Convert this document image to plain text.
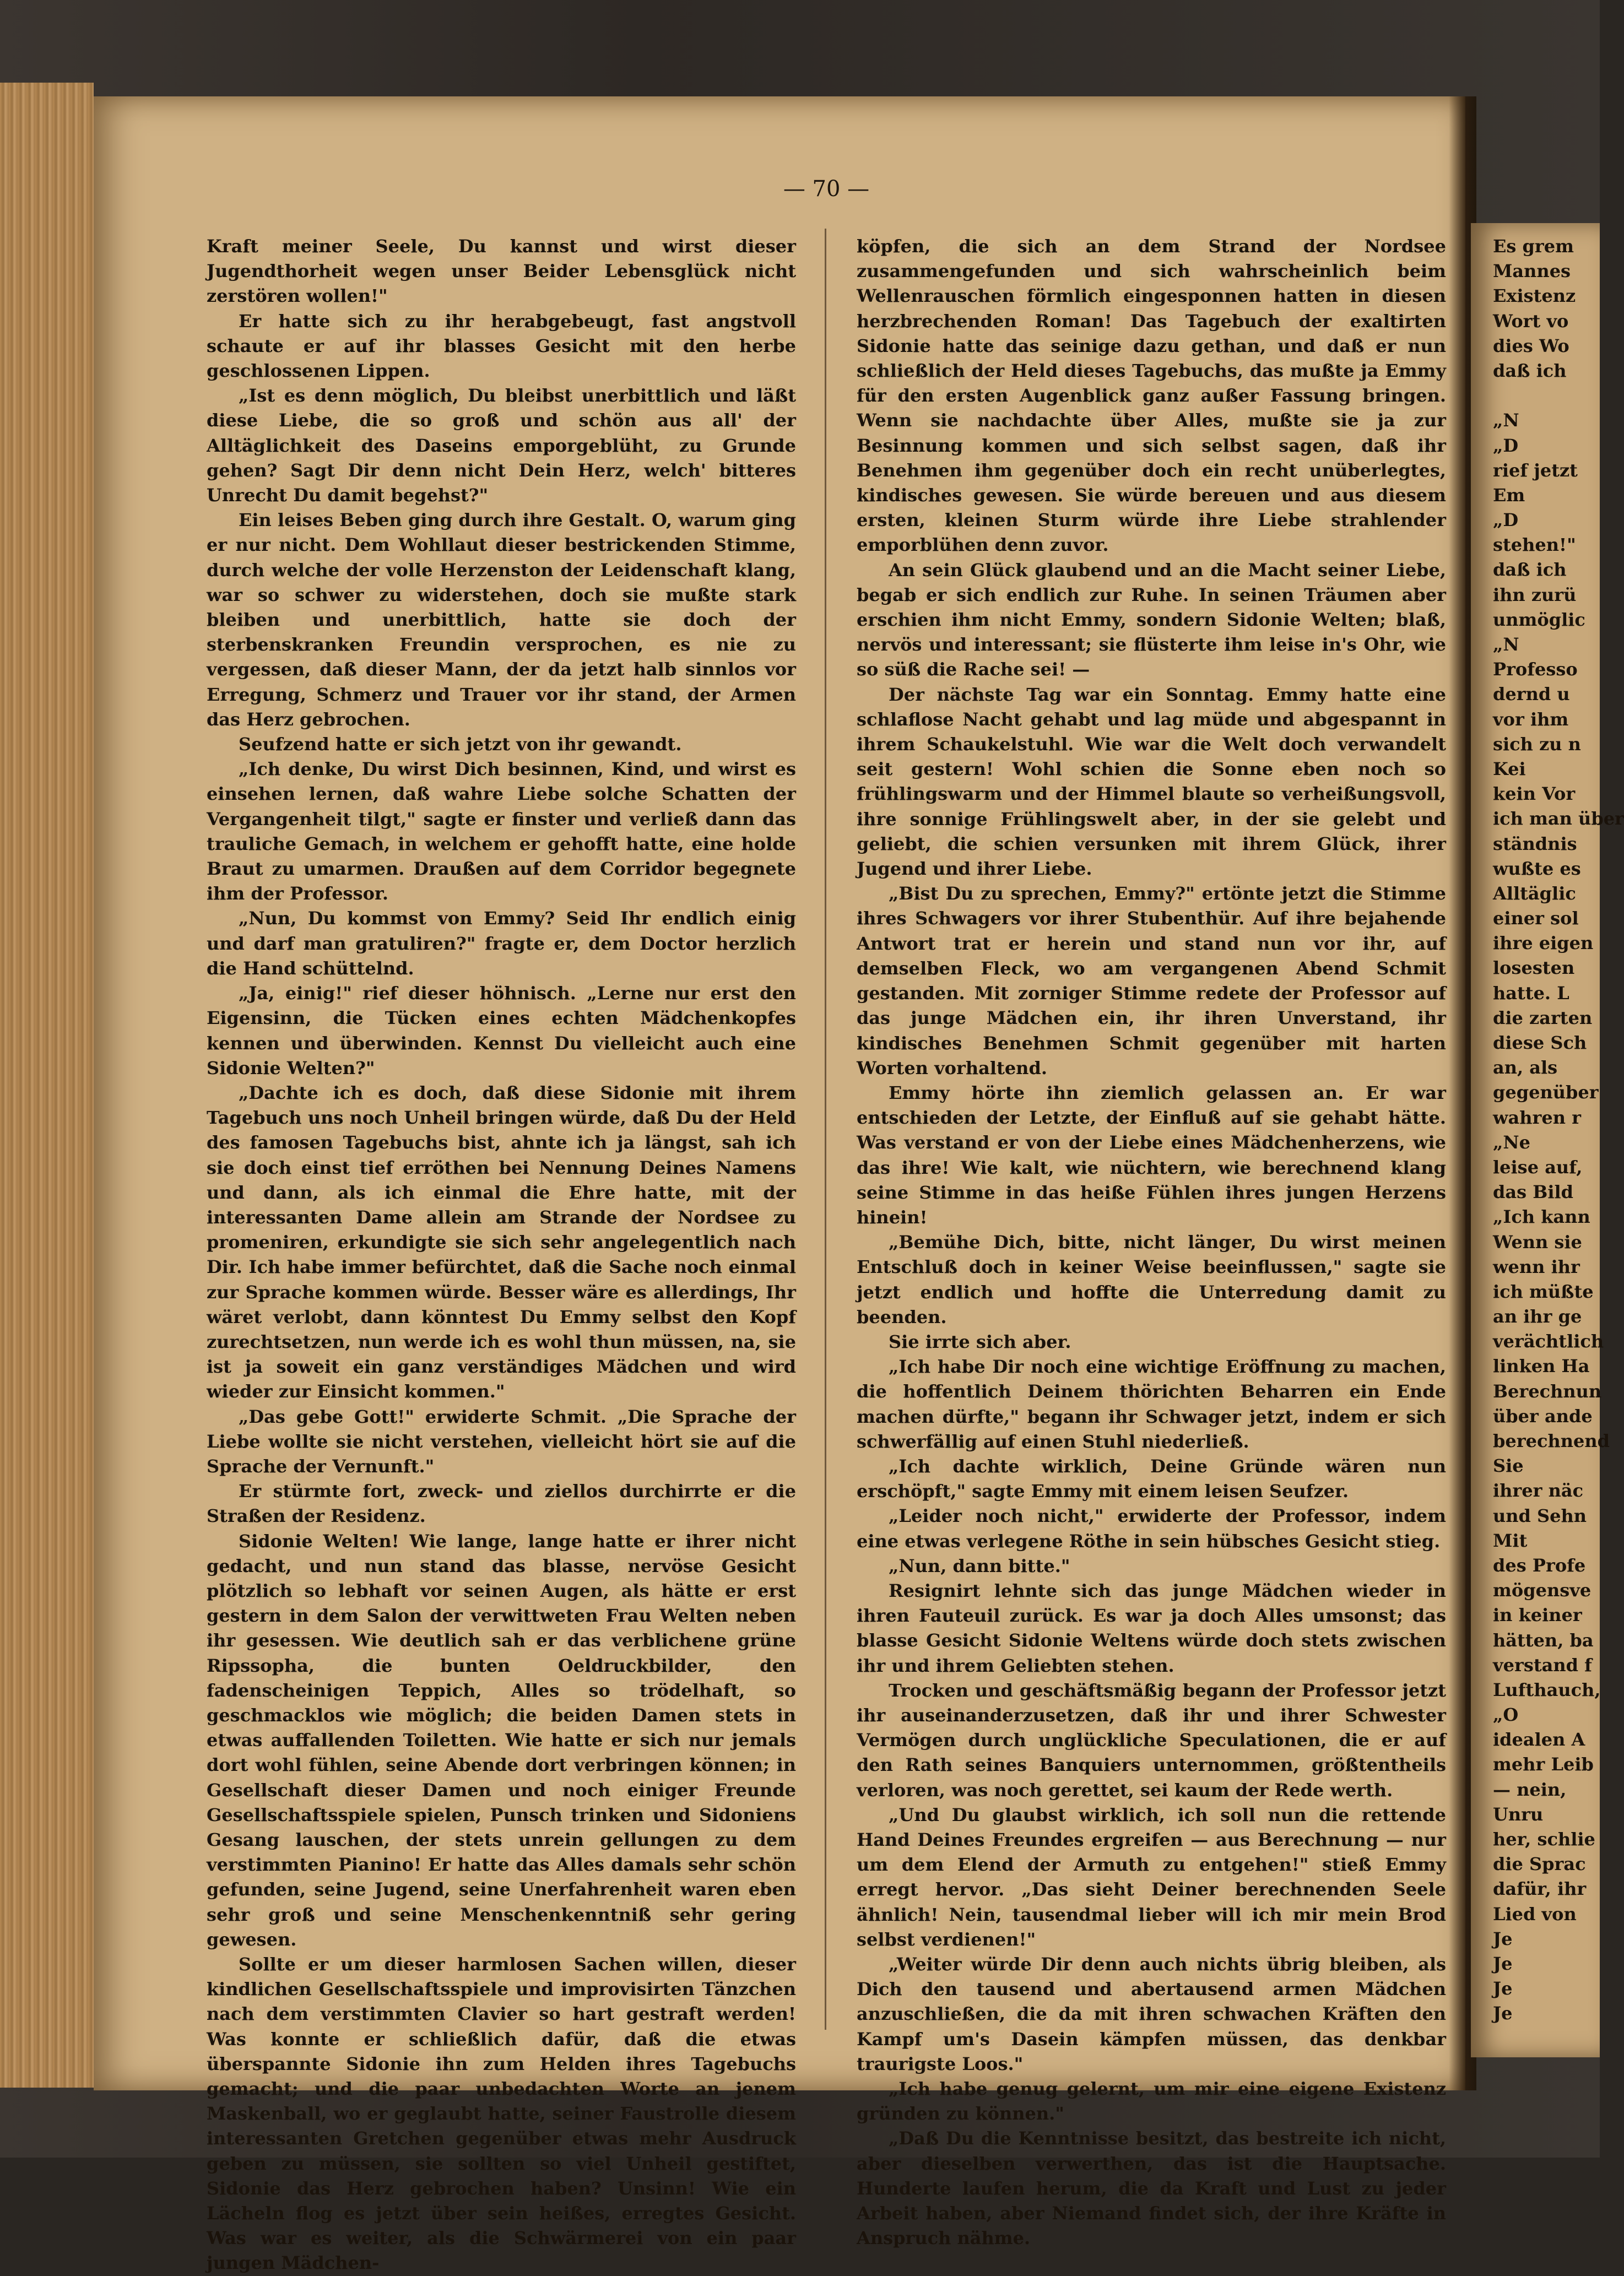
— 70 —

Kraft meiner Seele, Du kannst und wirst dieser Jugendthorheit wegen unser Beider Lebensglück nicht zerstören wollen!"

Er hatte sich zu ihr herabgebeugt, fast angstvoll schaute er auf ihr blasses Gesicht mit den herbe geschlossenen Lippen.

„Ist es denn möglich, Du bleibst unerbittlich und läßt diese Liebe, die so groß und schön aus all' der Alltäglichkeit des Daseins emporgeblüht, zu Grunde gehen? Sagt Dir denn nicht Dein Herz, welch' bitteres Unrecht Du damit begehst?"

Ein leises Beben ging durch ihre Gestalt. O, warum ging er nur nicht. Dem Wohllaut dieser bestrickenden Stimme, durch welche der volle Herzenston der Leidenschaft klang, war so schwer zu widerstehen, doch sie mußte stark bleiben und unerbittlich, hatte sie doch der sterbenskranken Freundin versprochen, es nie zu vergessen, daß dieser Mann, der da jetzt halb sinnlos vor Erregung, Schmerz und Trauer vor ihr stand, der Armen das Herz gebrochen.

Seufzend hatte er sich jetzt von ihr gewandt.

„Ich denke, Du wirst Dich besinnen, Kind, und wirst es einsehen lernen, daß wahre Liebe solche Schatten der Vergangenheit tilgt," sagte er finster und verließ dann das trauliche Gemach, in welchem er gehofft hatte, eine holde Braut zu umarmen. Draußen auf dem Corridor begegnete ihm der Professor.

„Nun, Du kommst von Emmy? Seid Ihr endlich einig und darf man gratuliren?" fragte er, dem Doctor herzlich die Hand schüttelnd.

„Ja, einig!" rief dieser höhnisch. „Lerne nur erst den Eigensinn, die Tücken eines echten Mädchenkopfes kennen und überwinden. Kennst Du vielleicht auch eine Sidonie Welten?"

„Dachte ich es doch, daß diese Sidonie mit ihrem Tagebuch uns noch Unheil bringen würde, daß Du der Held des famosen Tagebuchs bist, ahnte ich ja längst, sah ich sie doch einst tief erröthen bei Nennung Deines Namens und dann, als ich einmal die Ehre hatte, mit der interessanten Dame allein am Strande der Nordsee zu promeniren, erkundigte sie sich sehr angelegentlich nach Dir. Ich habe immer befürchtet, daß die Sache noch einmal zur Sprache kommen würde. Besser wäre es allerdings, Ihr wäret verlobt, dann könntest Du Emmy selbst den Kopf zurechtsetzen, nun werde ich es wohl thun müssen, na, sie ist ja soweit ein ganz verständiges Mädchen und wird wieder zur Einsicht kommen."

„Das gebe Gott!" erwiderte Schmit. „Die Sprache der Liebe wollte sie nicht verstehen, vielleicht hört sie auf die Sprache der Vernunft."

Er stürmte fort, zweck- und ziellos durchirrte er die Straßen der Residenz.

Sidonie Welten! Wie lange, lange hatte er ihrer nicht gedacht, und nun stand das blasse, nervöse Gesicht plötzlich so lebhaft vor seinen Augen, als hätte er erst gestern in dem Salon der verwittweten Frau Welten neben ihr gesessen. Wie deutlich sah er das verblichene grüne Ripssopha, die bunten Oeldruckbilder, den fadenscheinigen Teppich, Alles so trödelhaft, so geschmacklos wie möglich; die beiden Damen stets in etwas auffallenden Toiletten. Wie hatte er sich nur jemals dort wohl fühlen, seine Abende dort verbringen können; in Gesellschaft dieser Damen und noch einiger Freunde Gesellschaftsspiele spielen, Punsch trinken und Sidoniens Gesang lauschen, der stets unrein gellungen zu dem verstimmten Pianino! Er hatte das Alles damals sehr schön gefunden, seine Jugend, seine Unerfahrenheit waren eben sehr groß und seine Menschenkenntniß sehr gering gewesen.

Sollte er um dieser harmlosen Sachen willen, dieser kindlichen Gesellschaftsspiele und improvisirten Tänzchen nach dem verstimmten Clavier so hart gestraft werden! Was konnte er schließlich dafür, daß die etwas überspannte Sidonie ihn zum Helden ihres Tagebuchs gemacht; und die paar unbedachten Worte an jenem Maskenball, wo er geglaubt hatte, seiner Faustrolle diesem interessanten Gretchen gegenüber etwas mehr Ausdruck geben zu müssen, sie sollten so viel Unheil gestiftet, Sidonie das Herz gebrochen haben? Unsinn! Wie ein Lächeln flog es jetzt über sein heißes, erregtes Gesicht. Was war es weiter, als die Schwärmerei von ein paar jungen Mädchen-

köpfen, die sich an dem Strand der Nordsee zusammengefunden und sich wahrscheinlich beim Wellenrauschen förmlich eingesponnen hatten in diesen herzbrechenden Roman! Das Tagebuch der exaltirten Sidonie hatte das seinige dazu gethan, und daß er nun schließlich der Held dieses Tagebuchs, das mußte ja Emmy für den ersten Augenblick ganz außer Fassung bringen. Wenn sie nachdachte über Alles, mußte sie ja zur Besinnung kommen und sich selbst sagen, daß ihr Benehmen ihm gegenüber doch ein recht unüberlegtes, kindisches gewesen. Sie würde bereuen und aus diesem ersten, kleinen Sturm würde ihre Liebe strahlender emporblühen denn zuvor.

An sein Glück glaubend und an die Macht seiner Liebe, begab er sich endlich zur Ruhe. In seinen Träumen aber erschien ihm nicht Emmy, sondern Sidonie Welten; blaß, nervös und interessant; sie flüsterte ihm leise in's Ohr, wie so süß die Rache sei! —

Der nächste Tag war ein Sonntag. Emmy hatte eine schlaflose Nacht gehabt und lag müde und abgespannt in ihrem Schaukelstuhl. Wie war die Welt doch verwandelt seit gestern! Wohl schien die Sonne eben noch so frühlingswarm und der Himmel blaute so verheißungsvoll, ihre sonnige Frühlingswelt aber, in der sie gelebt und geliebt, die schien versunken mit ihrem Glück, ihrer Jugend und ihrer Liebe.

„Bist Du zu sprechen, Emmy?" ertönte jetzt die Stimme ihres Schwagers vor ihrer Stubenthür. Auf ihre bejahende Antwort trat er herein und stand nun vor ihr, auf demselben Fleck, wo am vergangenen Abend Schmit gestanden. Mit zorniger Stimme redete der Professor auf das junge Mädchen ein, ihr ihren Unverstand, ihr kindisches Benehmen Schmit gegenüber mit harten Worten vorhaltend.

Emmy hörte ihn ziemlich gelassen an. Er war entschieden der Letzte, der Einfluß auf sie gehabt hätte. Was verstand er von der Liebe eines Mädchenherzens, wie das ihre! Wie kalt, wie nüchtern, wie berechnend klang seine Stimme in das heiße Fühlen ihres jungen Herzens hinein!

„Bemühe Dich, bitte, nicht länger, Du wirst meinen Entschluß doch in keiner Weise beeinflussen," sagte sie jetzt endlich und hoffte die Unterredung damit zu beenden.

Sie irrte sich aber.

„Ich habe Dir noch eine wichtige Eröffnung zu machen, die hoffentlich Deinem thörichten Beharren ein Ende machen dürfte," begann ihr Schwager jetzt, indem er sich schwerfällig auf einen Stuhl niederließ.

„Ich dachte wirklich, Deine Gründe wären nun erschöpft," sagte Emmy mit einem leisen Seufzer.

„Leider noch nicht," erwiderte der Professor, indem eine etwas verlegene Röthe in sein hübsches Gesicht stieg.

„Nun, dann bitte."

Resignirt lehnte sich das junge Mädchen wieder in ihren Fauteuil zurück. Es war ja doch Alles umsonst; das blasse Gesicht Sidonie Weltens würde doch stets zwischen ihr und ihrem Geliebten stehen.

Trocken und geschäftsmäßig begann der Professor jetzt ihr auseinanderzusetzen, daß ihr und ihrer Schwester Vermögen durch unglückliche Speculationen, die er auf den Rath seines Banquiers unternommen, größtentheils verloren, was noch gerettet, sei kaum der Rede werth.

„Und Du glaubst wirklich, ich soll nun die rettende Hand Deines Freundes ergreifen — aus Berechnung — nur um dem Elend der Armuth zu entgehen!" stieß Emmy erregt hervor. „Das sieht Deiner berechnenden Seele ähnlich! Nein, tausendmal lieber will ich mir mein Brod selbst verdienen!"

„Weiter würde Dir denn auch nichts übrig bleiben, als Dich den tausend und abertausend armen Mädchen anzuschließen, die da mit ihren schwachen Kräften den Kampf um's Dasein kämpfen müssen, das denkbar traurigste Loos."

„Ich habe genug gelernt, um mir eine eigene Existenz gründen zu können."

„Daß Du die Kenntnisse besitzt, das bestreite ich nicht, aber dieselben verwerthen, das ist die Hauptsache. Hunderte laufen herum, die da Kraft und Lust zu jeder Arbeit haben, aber Niemand findet sich, der ihre Kräfte in Anspruch nähme.

Es grem
Mannes
Existenz
Wort vo
dies Wo
daß ich
„N
„D
rief jetzt
Em
„D
stehen!"
daß ich
ihn zurü
unmöglic
„N
Professo
dernd u
vor ihm
sich zu n
Kei
kein Vor
ich man über
ständnis
wußte es
Alltäglic
einer sol
ihre eigen
losesten
hatte. L
die zarten
diese Sch
an, als
gegenüber
wahren r
„Ne
leise auf,
das Bild
„Ich kann
Wenn sie
wenn ihr
ich müßte
an ihr ge
verächtlich
linken Ha
Berechnun
über ande
berechnend
Sie
ihrer näc
und Sehn
Mit
des Profe
mögensve
in keiner
hätten, ba
verstand f
Lufthauch,
„O
idealen A
mehr Leib
— nein,
Unru
her, schlie
die Sprac
dafür, ihr
Lied von
Je
Je
Je
Je
